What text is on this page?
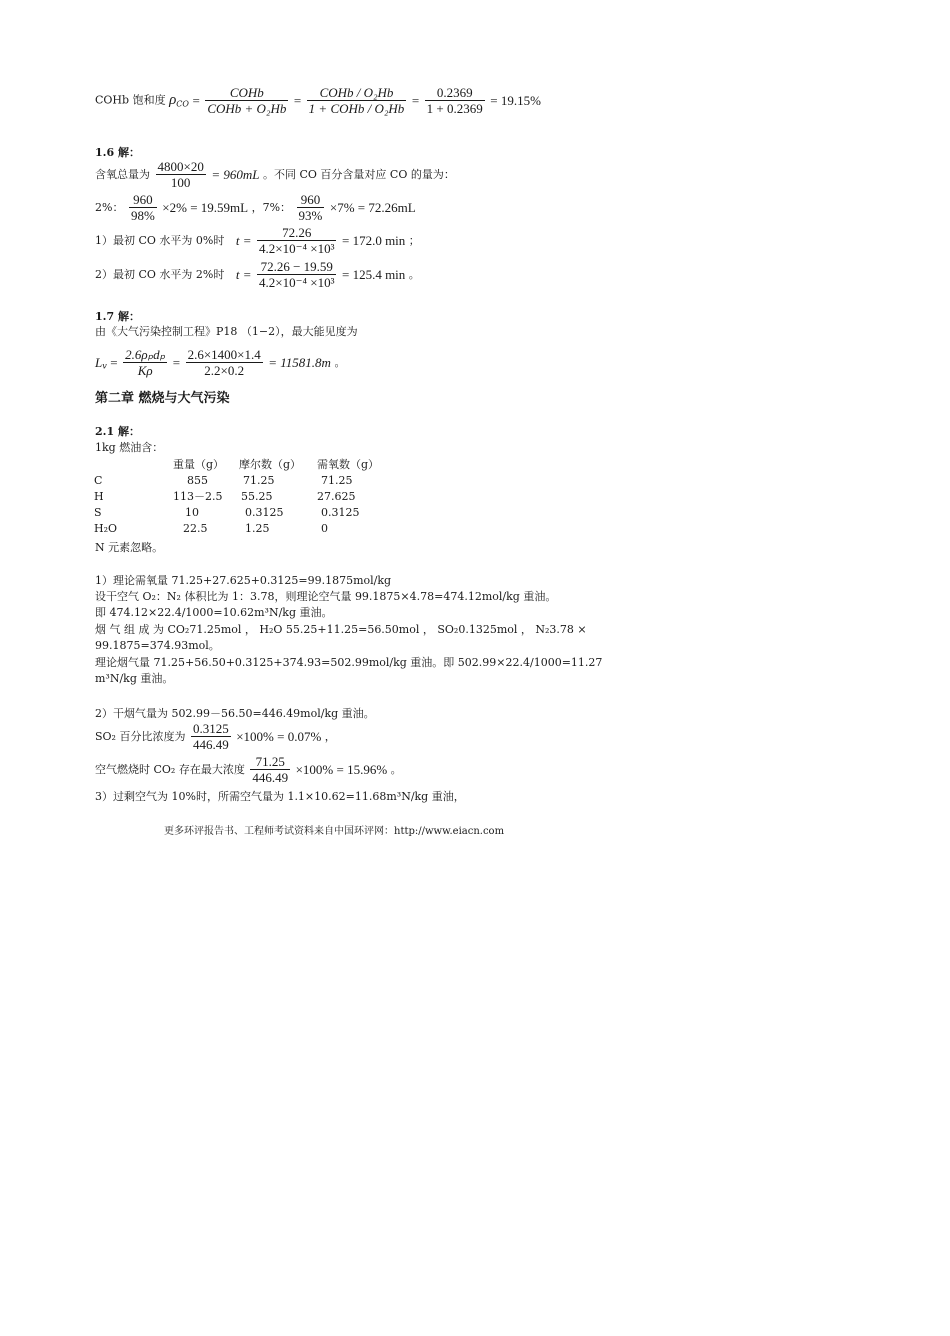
COHb 饱和度 $\rho_{CO} = \frac{\text{COHb}}{\text{COHb + O₂Hb}} = \frac{\text{COHb / O₂Hb}}{\text{1 + COHb / O₂Hb}} = \frac{0.2369}{1 + 0.2369} = 19.15\%$
1.6 解：
含氧总量为 $\frac{4800\times 20}{100} = 960mL$ 。不同 CO 百分含量对应 CO 的量为：
2%： $\frac{960}{98\%} \times 2\% = 19.59mL$ ，7%： $\frac{960}{93\%} \times 7\% = 72.26mL$
1）最初 CO 水平为 0%时 $t = \frac{72.26}{\text{4.2×10⁻⁴ ×10³}} = 172.0$ min ；
2）最初 CO 水平为 2%时 $t = \frac{72.26 - 19.59}{\text{4.2×10⁻⁴ ×10³}} = 125.4$ min 。
1.7 解：
由《大气污染控制工程》P18 （1−2），最大能见度为
$L_v = \frac{\text{2.6ρₚdₚ}}{K\rho} = \frac{2.6\times 1400\times 1.4}{2.2\times 0.2} = 11581.8m$ 。
第二章 燃烧与大气污染
2.1 解：
1kg 燃油含：
	重量（g）	摩尔数（g）	需氧数（g）
C	855	71.25	71.25
H	113－2.5	55.25	27.625
S	10	0.3125	0.3125
H₂O	22.5	1.25	0
N 元素忽略。
1）理论需氧量 71.25+27.625+0.3125=99.1875mol/kg
设干空气 O₂：N₂ 体积比为 1：3.78，则理论空气量 99.1875×4.78=474.12mol/kg 重油。
即 474.12×22.4/1000=10.62m³N/kg 重油。
烟 气 组 成 为 CO₂71.25mol ， H₂O 55.25+11.25=56.50mol ， SO₂0.1325mol ， N₂3.78 ×
99.1875=374.93mol。
理论烟气量 71.25+56.50+0.3125+374.93=502.99mol/kg 重油。即 502.99×22.4/1000=11.27
m³N/kg 重油。
2）干烟气量为 502.99－56.50=446.49mol/kg 重油。
SO₂ 百分比浓度为 $\frac{0.3125}{446.49} \times 100\% = 0.07\%$ ，
空气燃烧时 CO₂ 存在最大浓度 $\frac{71.25}{446.49} \times 100\% = 15.96\%$ 。
3）过剩空气为 10%时，所需空气量为 1.1×10.62=11.68m³N/kg 重油，
更多环评报告书、工程师考试资料来自中国环评网：http://www.eiacn.com
